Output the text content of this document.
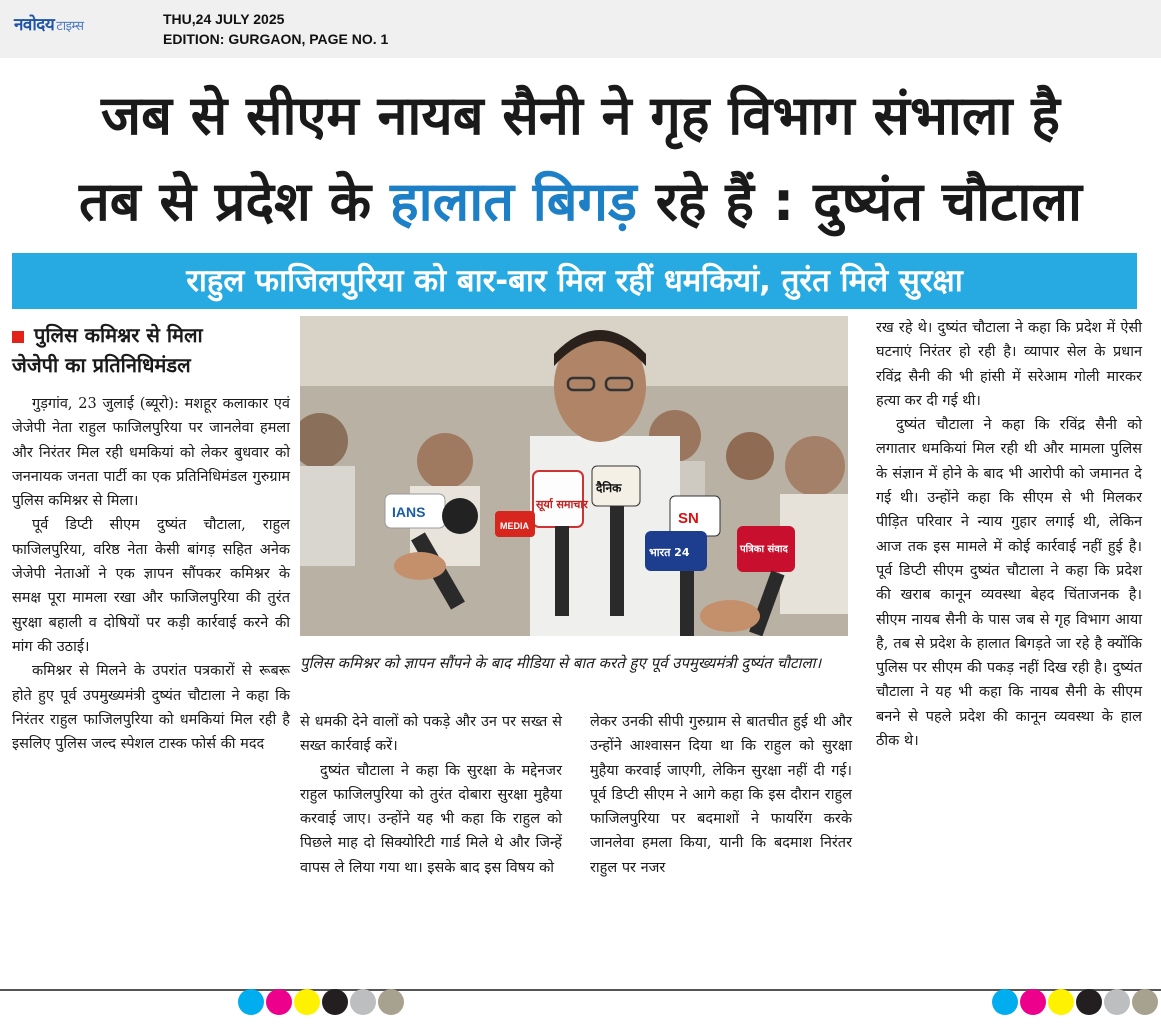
नवोदय टाइम्स	THU,24 JULY 2025
EDITION: GURGAON, PAGE NO. 1
जब से सीएम नायब सैनी ने गृह विभाग संभाला है
तब से प्रदेश के हालात बिगड़ रहे हैं : दुष्यंत चौटाला
राहुल फाजिलपुरिया को बार-बार मिल रहीं धमकियां, तुरंत मिले सुरक्षा
पुलिस कमिश्नर से मिला
जेजेपी का प्रतिनिधिमंडल

गुड़गांव, 23 जुलाई (ब्यूरो): मशहूर कलाकार एवं जेजेपी नेता राहुल फाजिलपुरिया पर जानलेवा हमला और निरंतर मिल रही धमकियां को लेकर बुधवार को जननायक जनता पार्टी का एक प्रतिनिधिमंडल गुरुग्राम पुलिस कमिश्नर से मिला।

पूर्व डिप्टी सीएम दुष्यंत चौटाला, राहुल फाजिलपुरिया, वरिष्ठ नेता केसी बांगड़ सहित अनेक जेजेपी नेताओं ने एक ज्ञापन सौंपकर कमिश्नर के समक्ष पूरा मामला रखा और फाजिलपुरिया की तुरंत सुरक्षा बहाली व दोषियों पर कड़ी कार्रवाई करने की मांग की उठाई।

कमिश्नर से मिलने के उपरांत पत्रकारों से रूबरू होते हुए पूर्व उपमुख्यमंत्री दुष्यंत चौटाला ने कहा कि निरंतर राहुल फाजिलपुरिया को धमकियां मिल रही है इसलिए पुलिस जल्द स्पेशल टास्क फोर्स की मदद

IANS	सूर्या समाचार
दैनिक
SN
भारत 24	पत्रिका संवाद
MEDIA
पुलिस कमिश्नर को ज्ञापन सौंपने के बाद मीडिया से बात करते हुए पूर्व उपमुख्यमंत्री दुष्यंत चौटाला।

से धमकी देने वालों को पकड़े और उन पर सख्त से सख्त कार्रवाई करें।

दुष्यंत चौटाला ने कहा कि सुरक्षा के मद्देनजर राहुल फाजिलपुरिया को तुरंत दोबारा सुरक्षा मुहैया करवाई जाए। उन्होंने यह भी कहा कि राहुल को पिछले माह दो सिक्योरिटी गार्ड मिले थे और जिन्हें वापस ले लिया गया था। इसके बाद इस विषय को

लेकर उनकी सीपी गुरुग्राम से बातचीत हुई थी और उन्होंने आश्वासन दिया था कि राहुल को सुरक्षा मुहैया करवाई जाएगी, लेकिन सुरक्षा नहीं दी गई। पूर्व डिप्टी सीएम ने आगे कहा कि इस दौरान राहुल फाजिलपुरिया पर बदमाशों ने फायरिंग करके जानलेवा हमला किया, यानी कि बदमाश निरंतर राहुल पर नजर

रख रहे थे। दुष्यंत चौटाला ने कहा कि प्रदेश में ऐसी घटनाएं निरंतर हो रही है। व्यापार सेल के प्रधान रविंद्र सैनी की भी हांसी में सरेआम गोली मारकर हत्या कर दी गई थी।

दुष्यंत चौटाला ने कहा कि रविंद्र सैनी को लगातार धमकियां मिल रही थी और मामला पुलिस के संज्ञान में होने के बाद भी आरोपी को जमानत दे गई थी। उन्होंने कहा कि सीएम से भी मिलकर पीड़ित परिवार ने न्याय गुहार लगाई थी, लेकिन आज तक इस मामले में कोई कार्रवाई नहीं हुई है। पूर्व डिप्टी सीएम दुष्यंत चौटाला ने कहा कि प्रदेश की खराब कानून व्यवस्था बेहद चिंताजनक है। सीएम नायब सैनी के पास जब से गृह विभाग आया है, तब से प्रदेश के हालात बिगड़ते जा रहे है क्योंकि पुलिस पर सीएम की पकड़ नहीं दिख रही है। दुष्यंत चौटाला ने यह भी कहा कि नायब सैनी के सीएम बनने से पहले प्रदेश की कानून व्यवस्था के हाल ठीक थे।
